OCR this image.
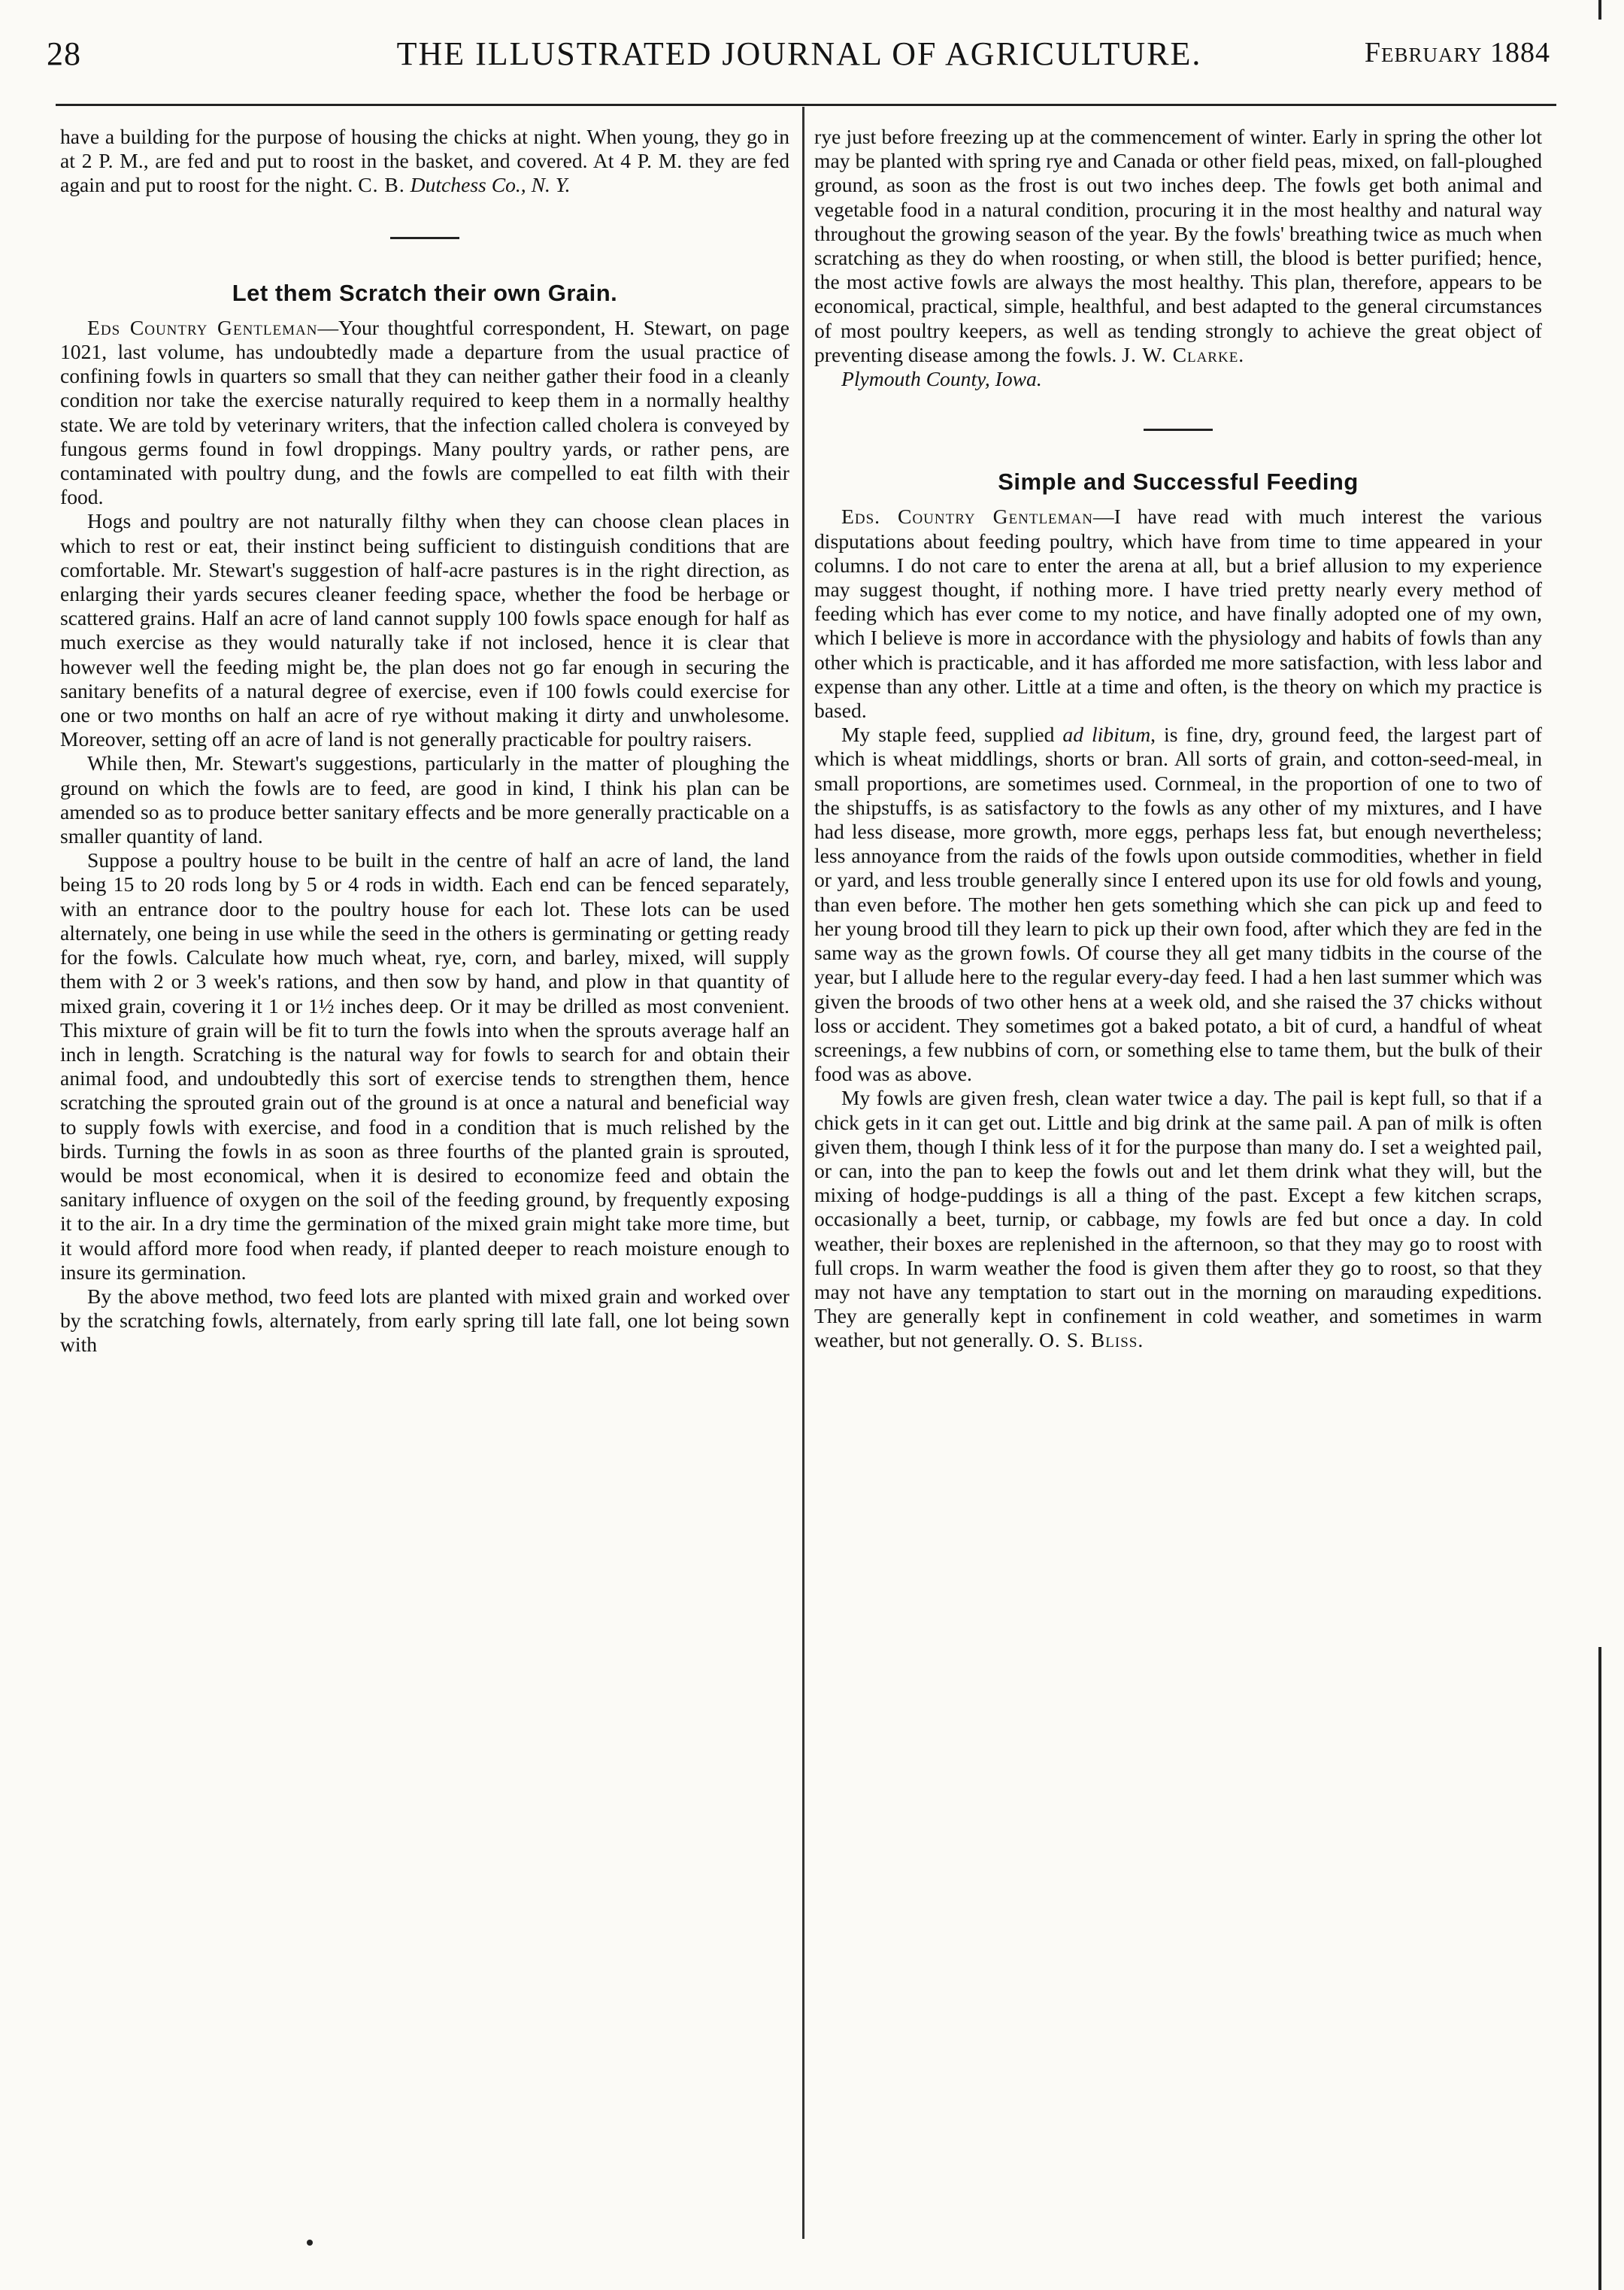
28	THE ILLUSTRATED JOURNAL OF AGRICULTURE.	February 1884

have a building for the purpose of housing the chicks at night. When young, they go in at 2 P. M., are fed and put to roost in the basket, and covered. At 4 P. M. they are fed again and put to roost for the night. C. B. Dutchess Co., N. Y.

Let them Scratch their own Grain.

Eds Country Gentleman—Your thoughtful correspondent, H. Stewart, on page 1021, last volume, has undoubtedly made a departure from the usual practice of confining fowls in quarters so small that they can neither gather their food in a cleanly condition nor take the exercise naturally required to keep them in a normally healthy state. We are told by veterinary writers, that the infection called cholera is conveyed by fungous germs found in fowl droppings. Many poultry yards, or rather pens, are contaminated with poultry dung, and the fowls are compelled to eat filth with their food.

Hogs and poultry are not naturally filthy when they can choose clean places in which to rest or eat, their instinct being sufficient to distinguish conditions that are comfortable. Mr. Stewart's suggestion of half-acre pastures is in the right direction, as enlarging their yards secures cleaner feeding space, whether the food be herbage or scattered grains. Half an acre of land cannot supply 100 fowls space enough for half as much exercise as they would naturally take if not inclosed, hence it is clear that however well the feeding might be, the plan does not go far enough in securing the sanitary benefits of a natural degree of exercise, even if 100 fowls could exercise for one or two months on half an acre of rye without making it dirty and unwholesome. Moreover, setting off an acre of land is not generally practicable for poultry raisers.

While then, Mr. Stewart's suggestions, particularly in the matter of ploughing the ground on which the fowls are to feed, are good in kind, I think his plan can be amended so as to produce better sanitary effects and be more generally practicable on a smaller quantity of land.

Suppose a poultry house to be built in the centre of half an acre of land, the land being 15 to 20 rods long by 5 or 4 rods in width. Each end can be fenced separately, with an entrance door to the poultry house for each lot. These lots can be used alternately, one being in use while the seed in the others is germinating or getting ready for the fowls. Calculate how much wheat, rye, corn, and barley, mixed, will supply them with 2 or 3 week's rations, and then sow by hand, and plow in that quantity of mixed grain, covering it 1 or 1½ inches deep. Or it may be drilled as most convenient. This mixture of grain will be fit to turn the fowls into when the sprouts average half an inch in length. Scratching is the natural way for fowls to search for and obtain their animal food, and undoubtedly this sort of exercise tends to strengthen them, hence scratching the sprouted grain out of the ground is at once a natural and beneficial way to supply fowls with exercise, and food in a condition that is much relished by the birds. Turning the fowls in as soon as three fourths of the planted grain is sprouted, would be most economical, when it is desired to economize feed and obtain the sanitary influence of oxygen on the soil of the feeding ground, by frequently exposing it to the air. In a dry time the germination of the mixed grain might take more time, but it would afford more food when ready, if planted deeper to reach moisture enough to insure its germination.

By the above method, two feed lots are planted with mixed grain and worked over by the scratching fowls, alternately, from early spring till late fall, one lot being sown with

rye just before freezing up at the commencement of winter. Early in spring the other lot may be planted with spring rye and Canada or other field peas, mixed, on fall-ploughed ground, as soon as the frost is out two inches deep. The fowls get both animal and vegetable food in a natural condition, procuring it in the most healthy and natural way throughout the growing season of the year. By the fowls' breathing twice as much when scratching as they do when roosting, or when still, the blood is better purified; hence, the most active fowls are always the most healthy. This plan, therefore, appears to be economical, practical, simple, healthful, and best adapted to the general circumstances of most poultry keepers, as well as tending strongly to achieve the great object of preventing disease among the fowls. J. W. Clarke.

Plymouth County, Iowa.

Simple and Successful Feeding

Eds. Country Gentleman—I have read with much interest the various disputations about feeding poultry, which have from time to time appeared in your columns. I do not care to enter the arena at all, but a brief allusion to my experience may suggest thought, if nothing more. I have tried pretty nearly every method of feeding which has ever come to my notice, and have finally adopted one of my own, which I believe is more in accordance with the physiology and habits of fowls than any other which is practicable, and it has afforded me more satisfaction, with less labor and expense than any other. Little at a time and often, is the theory on which my practice is based.

My staple feed, supplied ad libitum, is fine, dry, ground feed, the largest part of which is wheat middlings, shorts or bran. All sorts of grain, and cotton-seed-meal, in small proportions, are sometimes used. Cornmeal, in the proportion of one to two of the shipstuffs, is as satisfactory to the fowls as any other of my mixtures, and I have had less disease, more growth, more eggs, perhaps less fat, but enough nevertheless; less annoyance from the raids of the fowls upon outside commodities, whether in field or yard, and less trouble generally since I entered upon its use for old fowls and young, than even before. The mother hen gets something which she can pick up and feed to her young brood till they learn to pick up their own food, after which they are fed in the same way as the grown fowls. Of course they all get many tidbits in the course of the year, but I allude here to the regular every-day feed. I had a hen last summer which was given the broods of two other hens at a week old, and she raised the 37 chicks without loss or accident. They sometimes got a baked potato, a bit of curd, a handful of wheat screenings, a few nubbins of corn, or something else to tame them, but the bulk of their food was as above.

My fowls are given fresh, clean water twice a day. The pail is kept full, so that if a chick gets in it can get out. Little and big drink at the same pail. A pan of milk is often given them, though I think less of it for the purpose than many do. I set a weighted pail, or can, into the pan to keep the fowls out and let them drink what they will, but the mixing of hodge-puddings is all a thing of the past. Except a few kitchen scraps, occasionally a beet, turnip, or cabbage, my fowls are fed but once a day. In cold weather, their boxes are replenished in the afternoon, so that they may go to roost with full crops. In warm weather the food is given them after they go to roost, so that they may not have any temptation to start out in the morning on marauding expeditions. They are generally kept in confinement in cold weather, and sometimes in warm weather, but not generally. O. S. Bliss.
